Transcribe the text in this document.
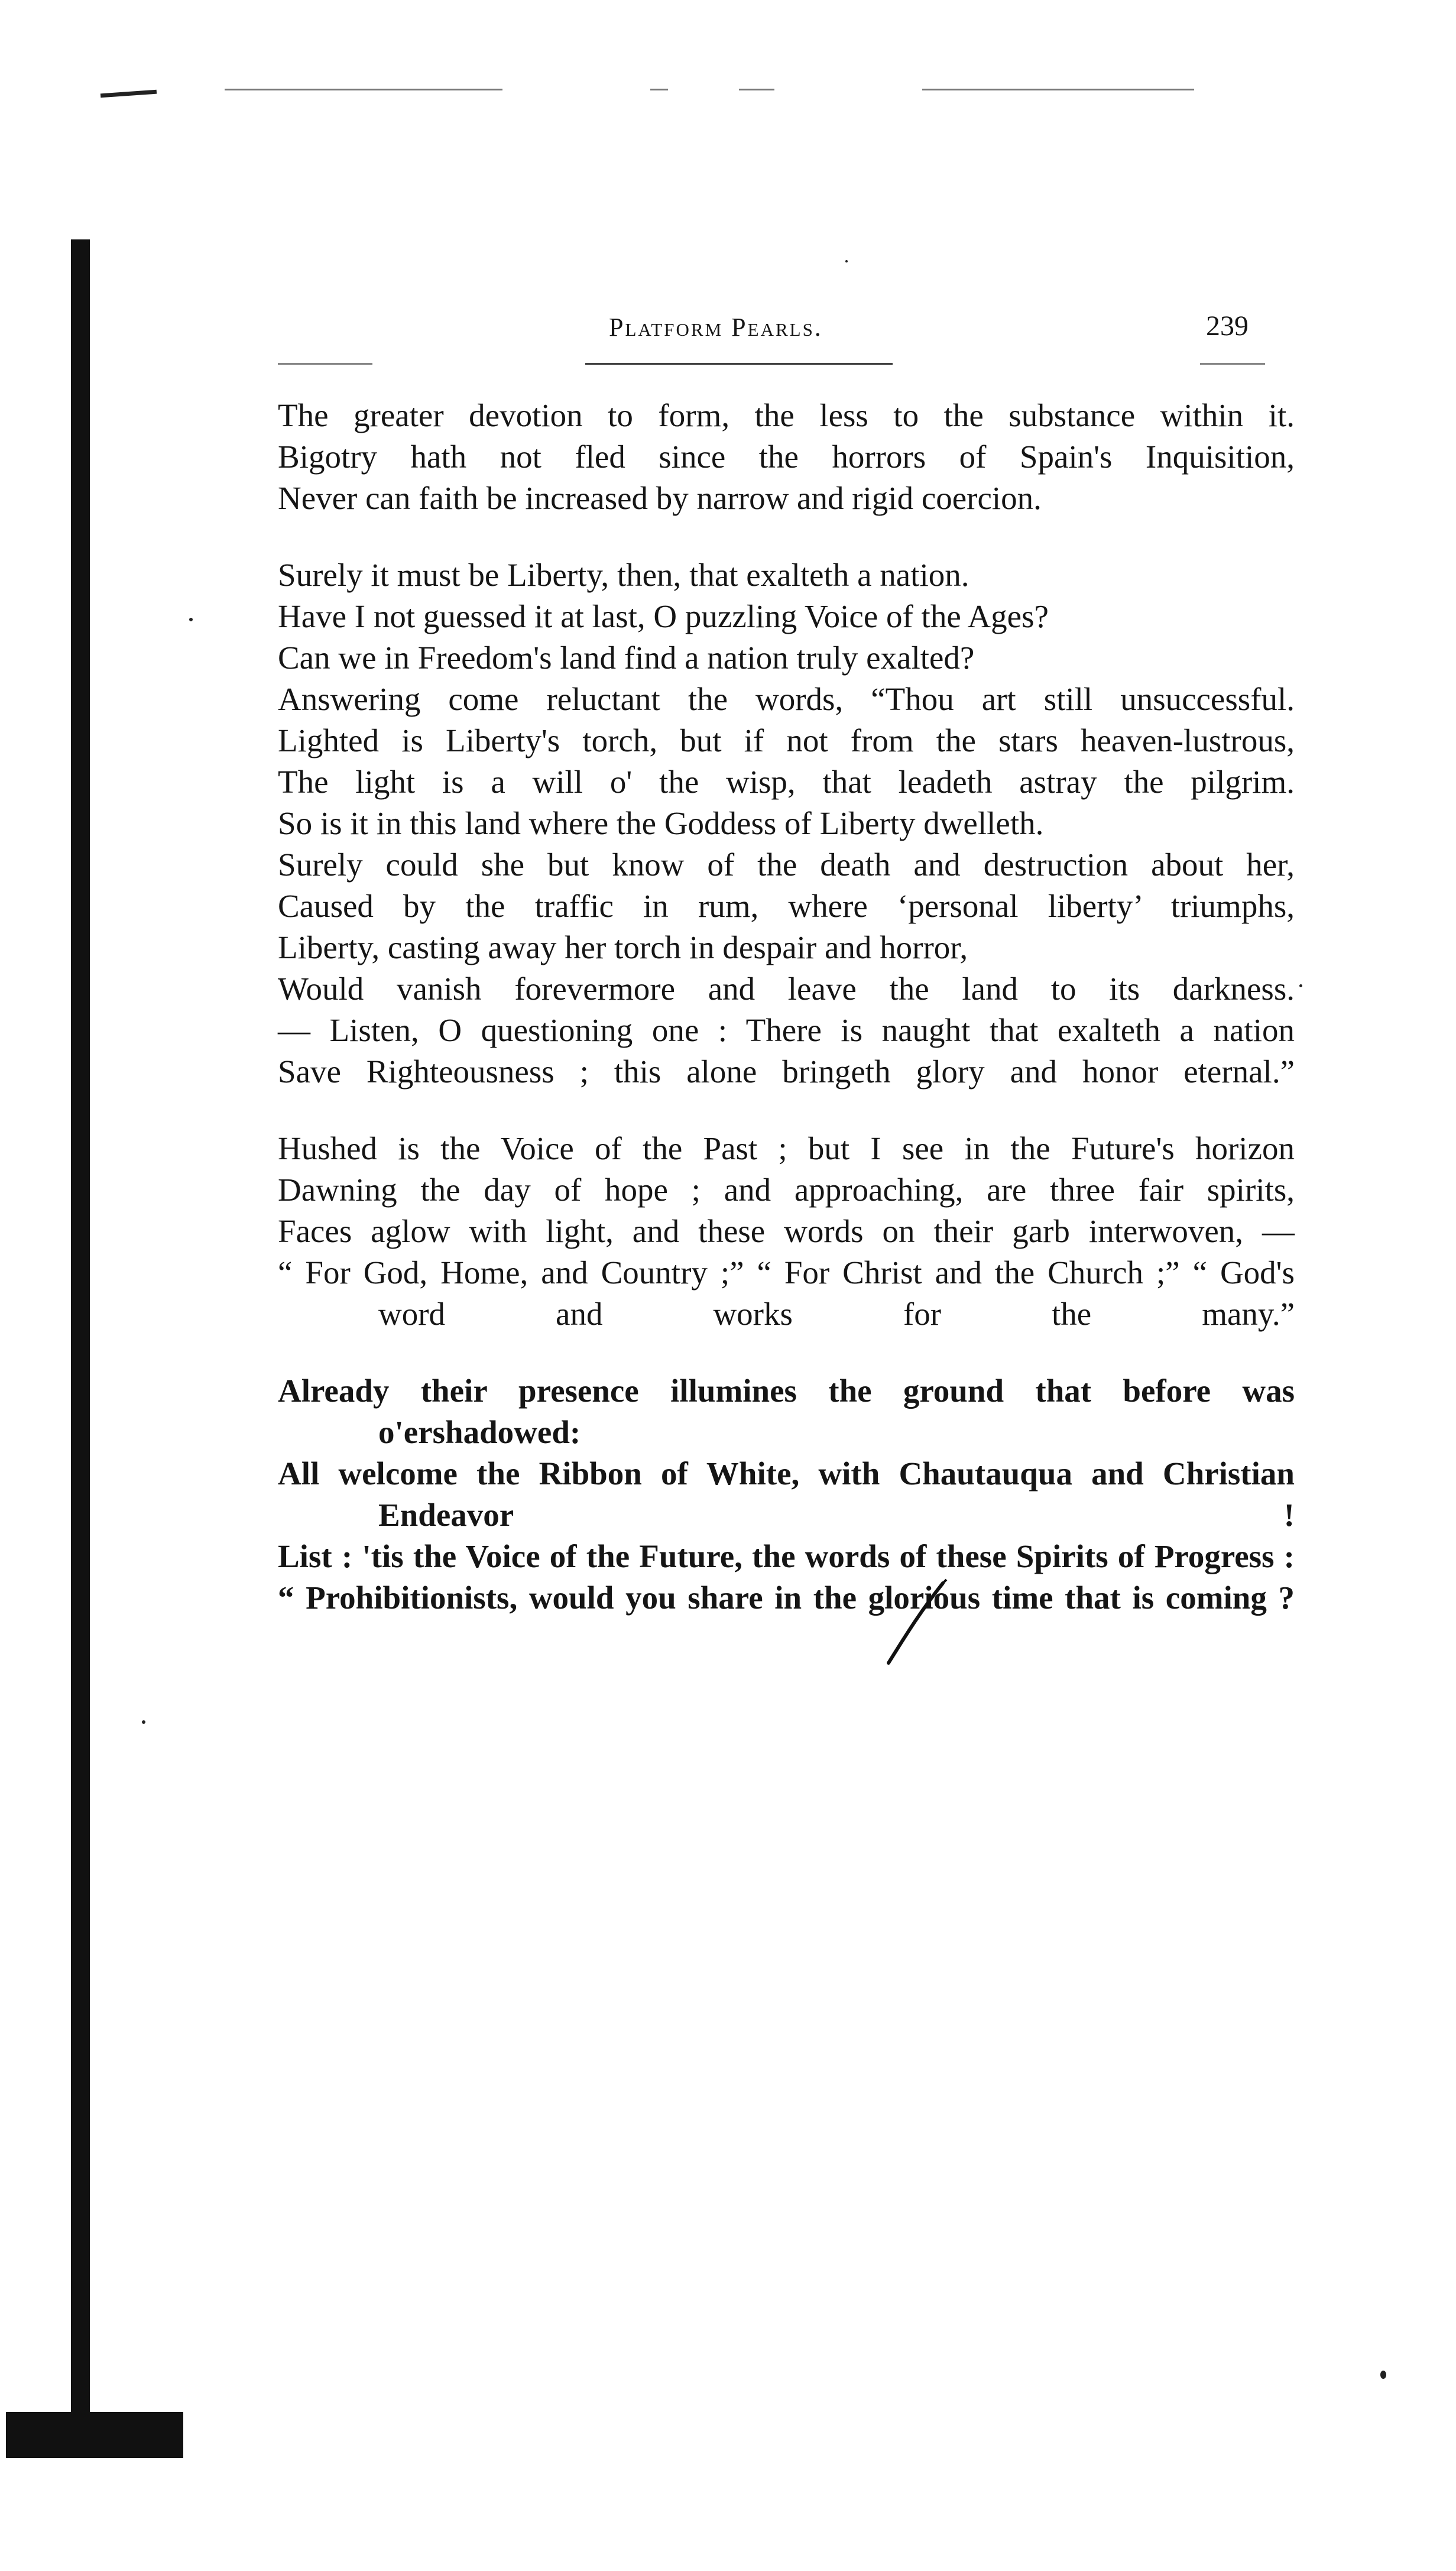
Platform Pearls.	239
The greater devotion to form, the less to the substance within it.
Bigotry hath not fled since the horrors of Spain's Inquisition,
Never can faith be increased by narrow and rigid coercion.
Surely it must be Liberty, then, that exalteth a nation.
Have I not guessed it at last, O puzzling Voice of the Ages?
Can we in Freedom's land find a nation truly exalted?
Answering come reluctant the words, “Thou art still unsuccessful.
Lighted is Liberty's torch, but if not from the stars heaven-lustrous,
The light is a will o' the wisp, that leadeth astray the pilgrim.
So is it in this land where the Goddess of Liberty dwelleth.
Surely could she but know of the death and destruction about her,
Caused by the traffic in rum, where ‘personal liberty’ triumphs,
Liberty, casting away her torch in despair and horror,
Would vanish forevermore and leave the land to its darkness.
— Listen, O questioning one : There is naught that exalteth a nation
Save Righteousness ; this alone bringeth glory and honor eternal.”
Hushed is the Voice of the Past ; but I see in the Future's horizon
Dawning the day of hope ; and approaching, are three fair spirits,
Faces aglow with light, and these words on their garb interwoven, —
“ For God, Home, and Country ;” “ For Christ and the Church ;” “ God's word and works for the many.”
Already their presence illumines the ground that before was o'ershadowed:
All welcome the Ribbon of White, with Chautauqua and Christian Endeavor !
List : 'tis the Voice of the Future, the words of these Spirits of Progress :
“ Prohibitionists, would you share in the glorious time that is coming ?
